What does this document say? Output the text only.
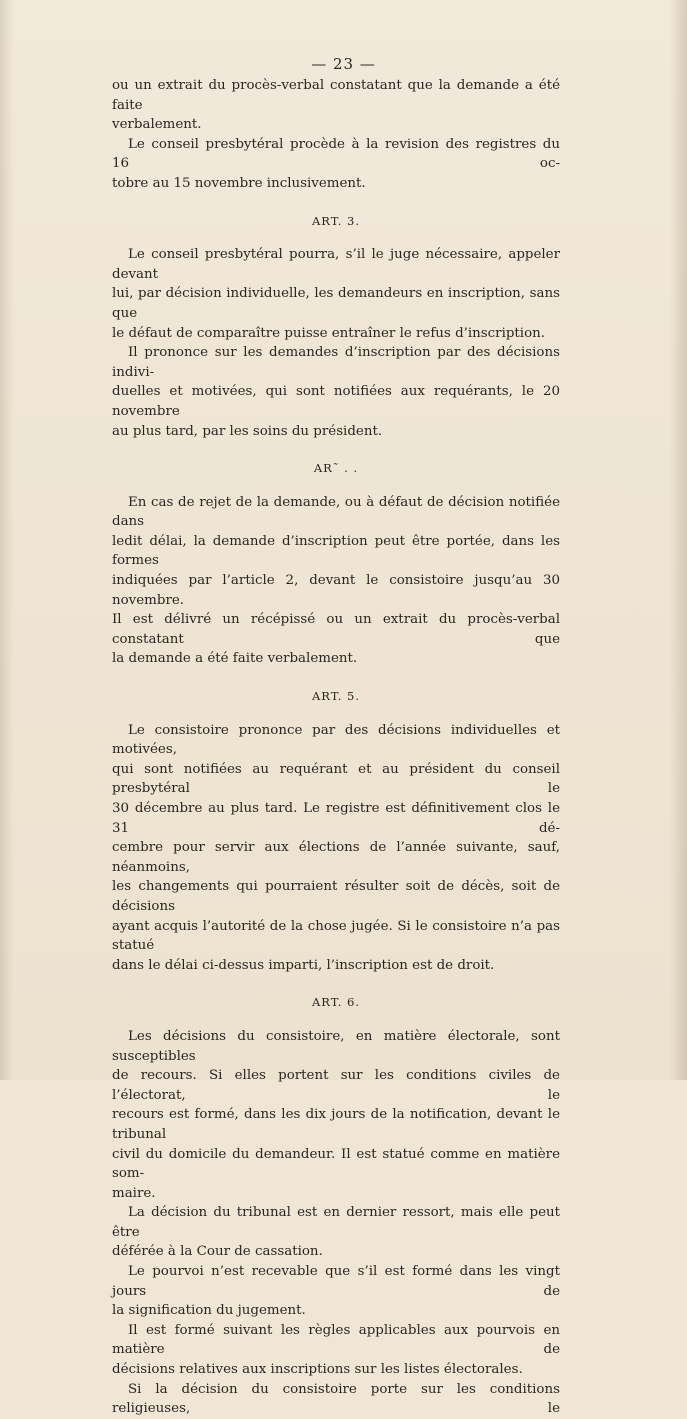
— 23 —

ou un extrait du procès-verbal constatant que la demande a été faite

verbalement.

Le conseil presbytéral procède à la revision des registres du 16 oc-

tobre au 15 novembre inclusivement.

ART. 3.

Le conseil presbytéral pourra, s’il le juge nécessaire, appeler devant

lui, par décision individuelle, les demandeurs en inscription, sans que

le défaut de comparaître puisse entraîner le refus d’inscription.

Il prononce sur les demandes d’inscription par des décisions indivi-

duelles et motivées, qui sont notifiées aux requérants, le 20 novembre

au plus tard, par les soins du président.

AR˜ . .

En cas de rejet de la demande, ou à défaut de décision notifiée dans

ledit délai, la demande d’inscription peut être portée, dans les formes

indiquées par l’article 2, devant le consistoire jusqu’au 30 novembre.

Il est délivré un récépissé ou un extrait du procès-verbal constatant que

la demande a été faite verbalement.

ART. 5.

Le consistoire prononce par des décisions individuelles et motivées,

qui sont notifiées au requérant et au président du conseil presbytéral le

30 décembre au plus tard. Le registre est définitivement clos le 31 dé-

cembre pour servir aux élections de l’année suivante, sauf, néanmoins,

les changements qui pourraient résulter soit de décès, soit de décisions

ayant acquis l’autorité de la chose jugée. Si le consistoire n’a pas statué

dans le délai ci-dessus imparti, l’inscription est de droit.

ART. 6.

Les décisions du consistoire, en matière électorale, sont susceptibles

de recours. Si elles portent sur les conditions civiles de l’électorat, le

recours est formé, dans les dix jours de la notification, devant le tribunal

civil du domicile du demandeur. Il est statué comme en matière som-

maire.

La décision du tribunal est en dernier ressort, mais elle peut être

déférée à la Cour de cassation.

Le pourvoi n’est recevable que s’il est formé dans les vingt jours de

la signification du jugement.

Il est formé suivant les règles applicables aux pourvois en matière de

décisions relatives aux inscriptions sur les listes électorales.

Si la décision du consistoire porte sur les conditions religieuses, le
